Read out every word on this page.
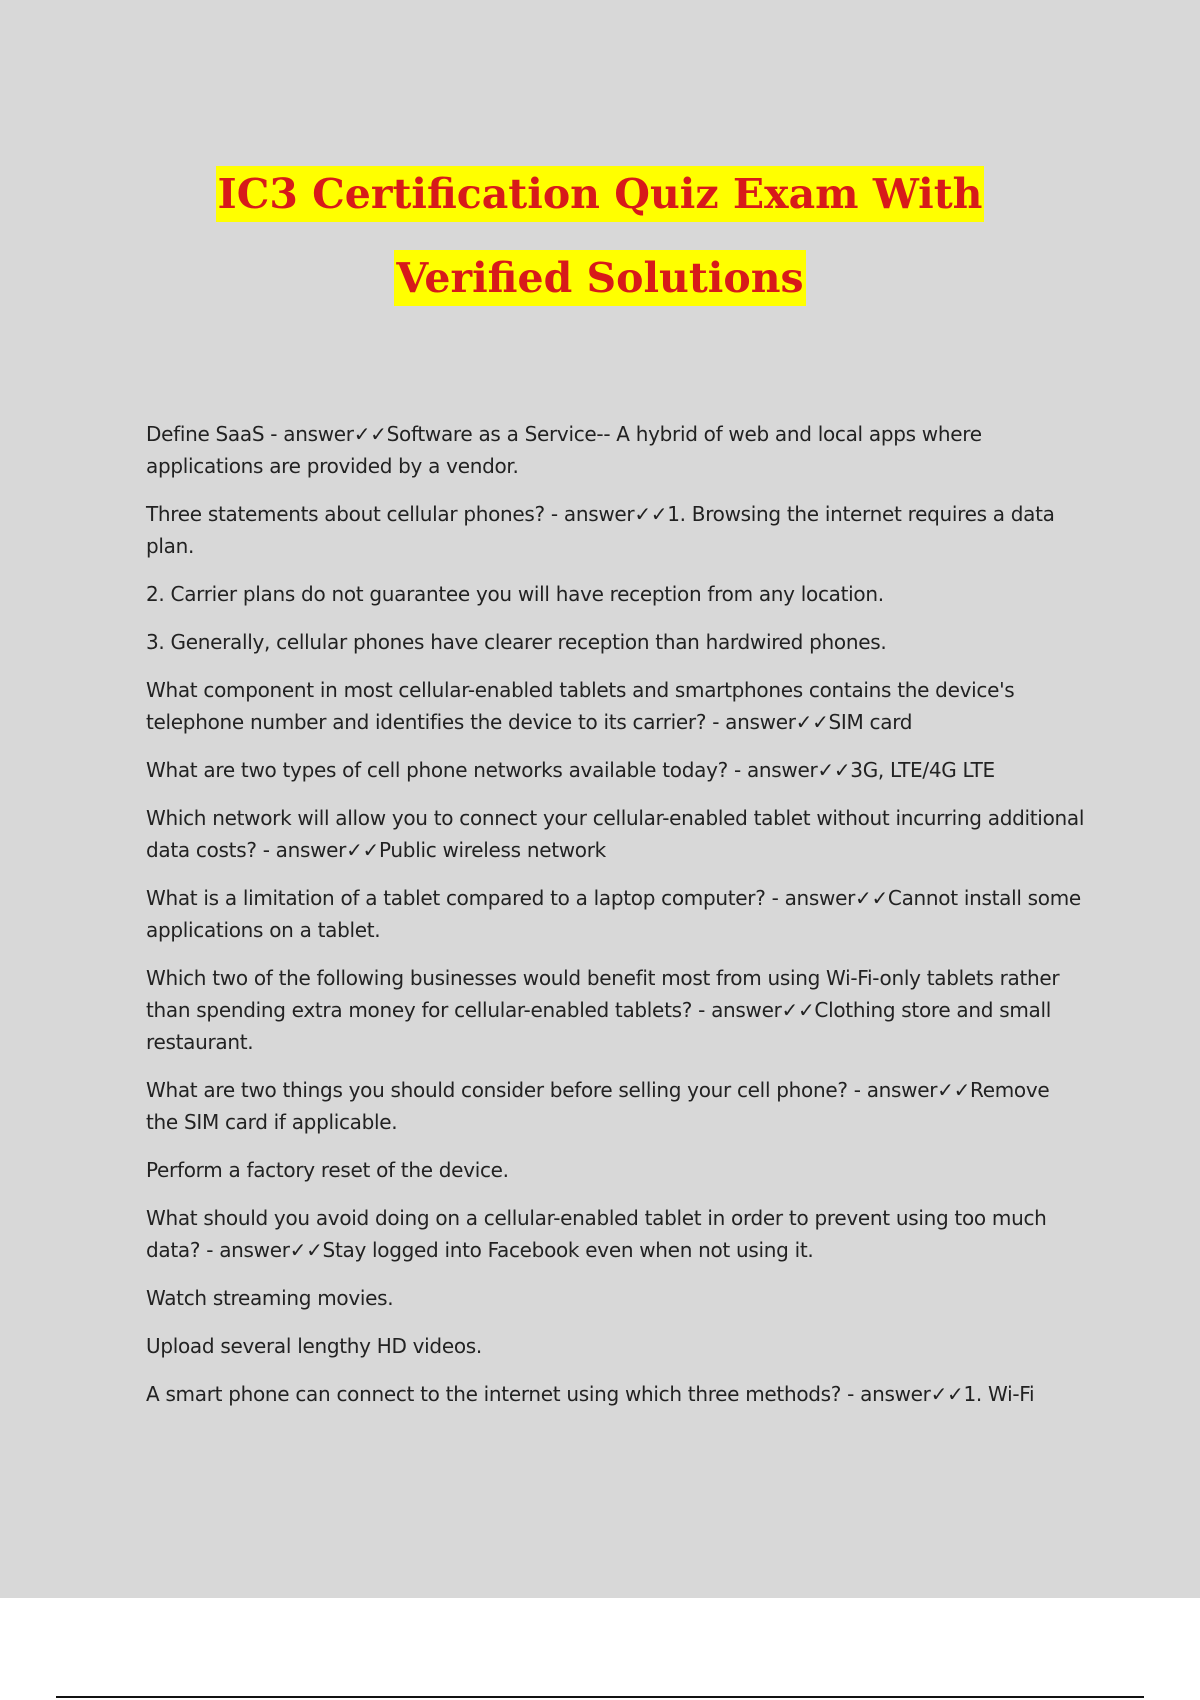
IC3 Certification Quiz Exam With
Verified Solutions

Define SaaS - answer✓✓Software as a Service-- A hybrid of web and local apps where applications are provided by a vendor.

Three statements about cellular phones? - answer✓✓1. Browsing the internet requires a data plan.

2. Carrier plans do not guarantee you will have reception from any location.

3. Generally, cellular phones have clearer reception than hardwired phones.

What component in most cellular-enabled tablets and smartphones contains the device's telephone number and identifies the device to its carrier? - answer✓✓SIM card

What are two types of cell phone networks available today? - answer✓✓3G, LTE/4G LTE

Which network will allow you to connect your cellular-enabled tablet without incurring additional data costs? - answer✓✓Public wireless network

What is a limitation of a tablet compared to a laptop computer? - answer✓✓Cannot install some applications on a tablet.

Which two of the following businesses would benefit most from using Wi-Fi-only tablets rather than spending extra money for cellular-enabled tablets? - answer✓✓Clothing store and small restaurant.

What are two things you should consider before selling your cell phone? - answer✓✓Remove the SIM card if applicable.

Perform a factory reset of the device.

What should you avoid doing on a cellular-enabled tablet in order to prevent using too much data? - answer✓✓Stay logged into Facebook even when not using it.

Watch streaming movies.

Upload several lengthy HD videos.

A smart phone can connect to the internet using which three methods? - answer✓✓1. Wi-Fi
